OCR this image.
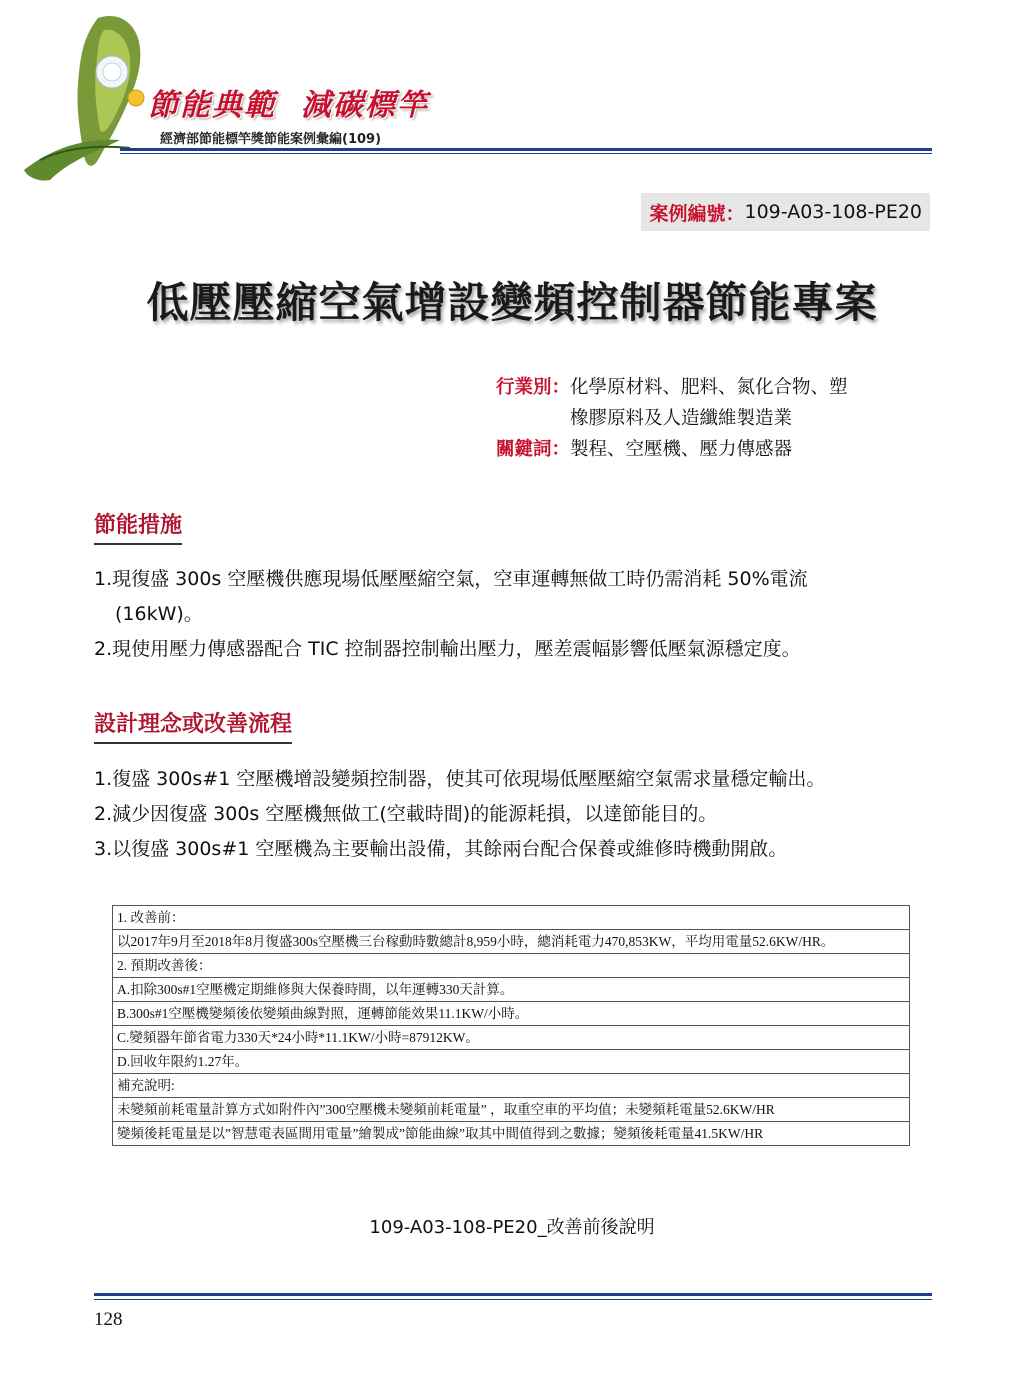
節能典範  減碳標竿
經濟部節能標竿獎節能案例彙編(109)
案例編號： 109-A03-108-PE20
低壓壓縮空氣增設變頻控制器節能專案
行業別： 化學原材料、肥料、氮化合物、塑
橡膠原料及人造纖維製造業
關鍵詞： 製程、空壓機、壓力傳感器
節能措施
1.現復盛 300s 空壓機供應現場低壓壓縮空氣，空車運轉無做工時仍需消耗 50%電流
(16kW)。
2.現使用壓力傳感器配合 TIC 控制器控制輸出壓力，壓差震幅影響低壓氣源穩定度。
設計理念或改善流程
1.復盛 300s#1 空壓機增設變頻控制器，使其可依現場低壓壓縮空氣需求量穩定輸出。
2.減少因復盛 300s 空壓機無做工(空載時間)的能源耗損，以達節能目的。
3.以復盛 300s#1 空壓機為主要輸出設備，其餘兩台配合保養或維修時機動開啟。
1. 改善前：
以2017年9月至2018年8月復盛300s空壓機三台稼動時數總計8,959小時，總消耗電力470,853KW，平均用電量52.6KW/HR。
2. 預期改善後：
A.扣除300s#1空壓機定期維修與大保養時間，以年運轉330天計算。
B.300s#1空壓機變頻後依變頻曲線對照，運轉節能效果11.1KW/小時。
C.變頻器年節省電力330天*24小時*11.1KW/小時=87912KW。
D.回收年限約1.27年。
補充說明:
未變頻前耗電量計算方式如附件內”300空壓機未變頻前耗電量” ，取重空車的平均值；未變頻耗電量52.6KW/HR
變頻後耗電量是以”智慧電表區間用電量”繪製成”節能曲線”取其中間值得到之數據；變頻後耗電量41.5KW/HR
109-A03-108-PE20_改善前後說明
128
